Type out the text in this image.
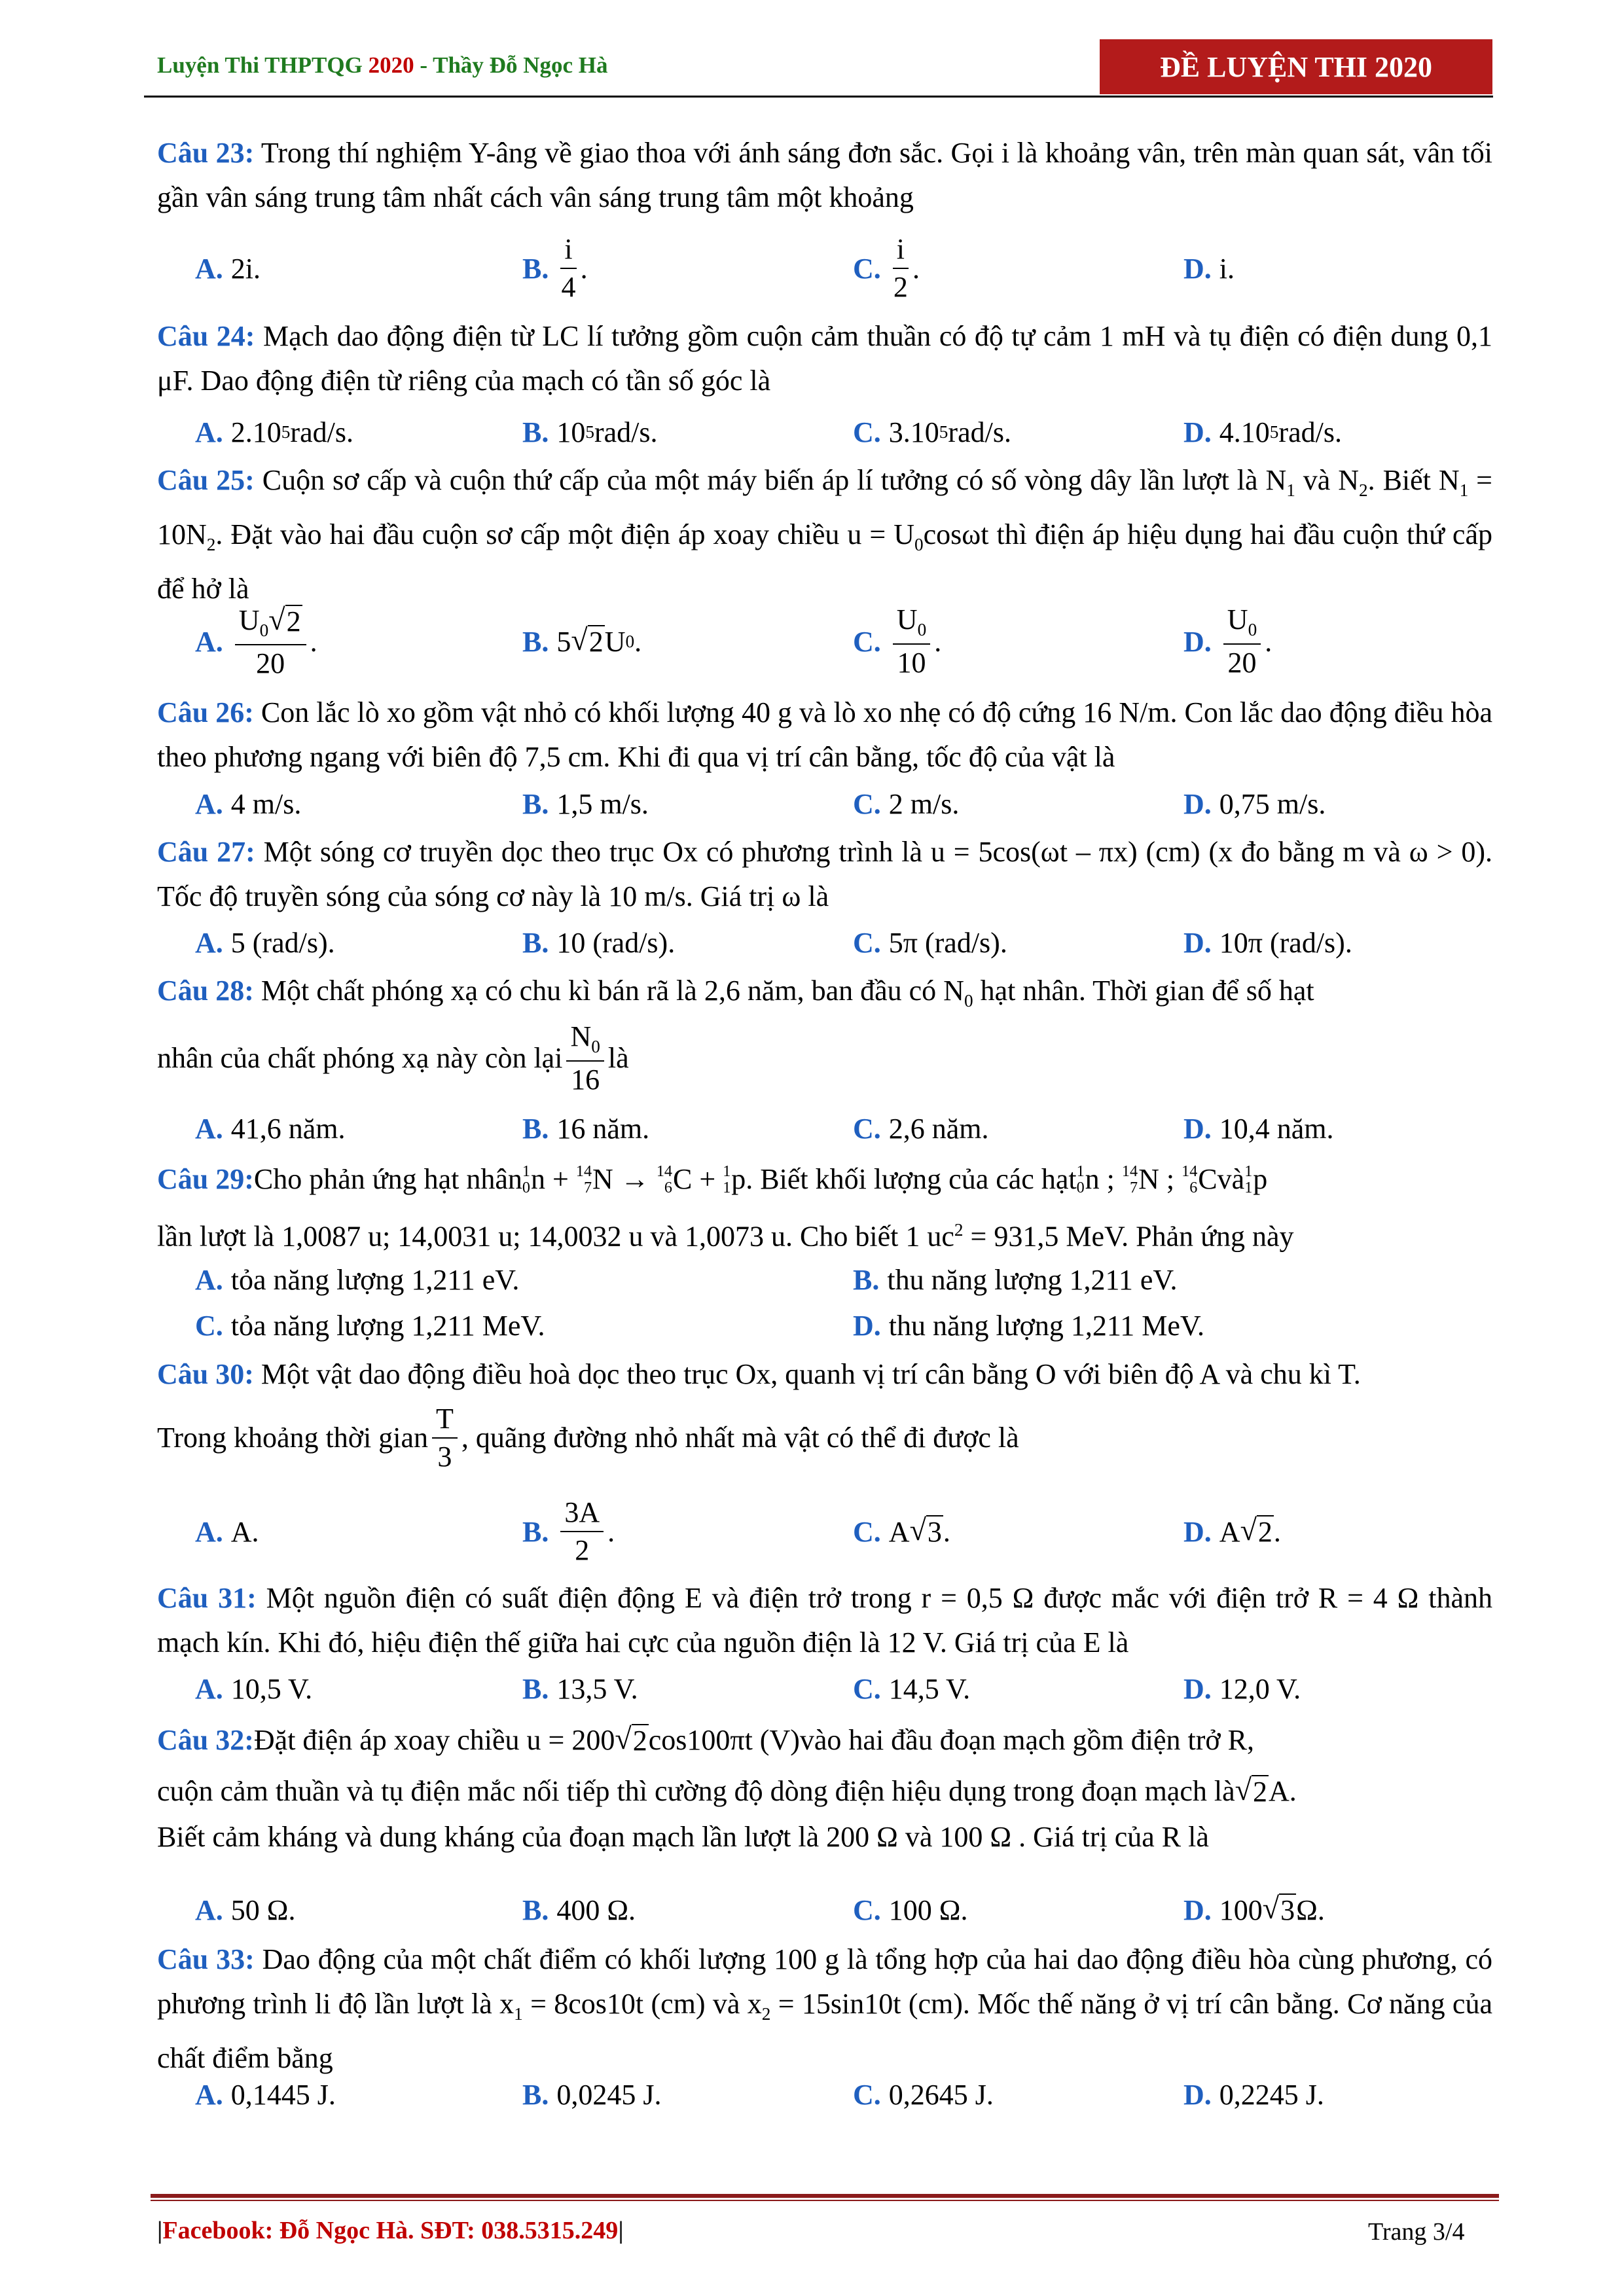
Luyện Thi THPTQG 2020 - Thầy Đỗ Ngọc Hà	ĐỀ LUYỆN THI 2020
Câu 23: Trong thí nghiệm Y-âng về giao thoa với ánh sáng đơn sắc. Gọi i là khoảng vân, trên màn quan sát, vân tối gần vân sáng trung tâm nhất cách vân sáng trung tâm một khoảng
A. 2i.	B. $\frac{i}{4}$ .	C. $\frac{i}{2}$ .	D. i.
Câu 24: Mạch dao động điện từ LC lí tưởng gồm cuộn cảm thuần có độ tự cảm 1 mH và tụ điện có điện dung 0,1 μF. Dao động điện từ riêng của mạch có tần số góc là
A. 2.10 5 rad/s.	B. 10 5 rad/s.	C. 3.10 5 rad/s.	D. 4.10 5 rad/s.
Câu 25: Cuộn sơ cấp và cuộn thứ cấp của một máy biến áp lí tưởng có số vòng dây lần lượt là $N_1$ và $N_2$. Biết $N_1 = 10N_2$. Đặt vào hai đầu cuộn sơ cấp một điện áp xoay chiều $u = U_0\cos\omega t$ thì điện áp hiệu dụng hai đầu cuộn thứ cấp để hở là
A. $\frac{U_0 √ 2}{20}$ .	B. 5 √ 2 U 0 .	C. $\frac{U_0}{10}$ .	D. $\frac{U_0}{20}$ .
Câu 26: Con lắc lò xo gồm vật nhỏ có khối lượng 40 g và lò xo nhẹ có độ cứng 16 N/m. Con lắc dao động điều hòa theo phương ngang với biên độ 7,5 cm. Khi đi qua vị trí cân bằng, tốc độ của vật là
A. 4 m/s.	B. 1,5 m/s.	C. 2 m/s.	D. 0,75 m/s.
Câu 27: Một sóng cơ truyền dọc theo trục Ox có phương trình là u = 5cos(ωt – πx) (cm) (x đo bằng m và ω > 0). Tốc độ truyền sóng của sóng cơ này là 10 m/s. Giá trị ω là
A. 5 (rad/s).	B. 10 (rad/s).	C. 5π (rad/s).	D. 10π (rad/s).
Câu 28: Một chất phóng xạ có chu kì bán rã là 2,6 năm, ban đầu có $N_0$ hạt nhân. Thời gian để số hạt
nhân của chất phóng xạ này còn lại $\frac{N_0}{16}$ là
A. 41,6 năm.	B. 16 năm.	C. 2,6 năm.	D. 10,4 năm.
Câu 29: Cho phản ứng hạt nhân 1
0 n + 14
7 N → 14
6 C + 1
1 p . Biết khối lượng của các hạt 1
0 n ; 14
7 N ; 14
6 C và 1
1 p
lần lượt là 1,0087 u; 14,0031 u; 14,0032 u và 1,0073 u. Cho biết 1 $uc^2 = 931,5$ MeV. Phản ứng này
A. tỏa năng lượng 1,211 eV.	B. thu năng lượng 1,211 eV.
C. tỏa năng lượng 1,211 MeV.	D. thu năng lượng 1,211 MeV.
Câu 30: Một vật dao động điều hoà dọc theo trục Ox, quanh vị trí cân bằng O với biên độ A và chu kì T.
Trong khoảng thời gian $\frac{T}{3}$ , quãng đường nhỏ nhất mà vật có thể đi được là
A. A.	B. $\frac{3A}{2}$ .	C. A √ 3 .	D. A √ 2 .
Câu 31: Một nguồn điện có suất điện động E và điện trở trong r = 0,5 Ω được mắc với điện trở R = 4 Ω thành mạch kín. Khi đó, hiệu điện thế giữa hai cực của nguồn điện là 12 V. Giá trị của E là
A. 10,5 V.	B. 13,5 V.	C. 14,5 V.	D. 12,0 V.
Câu 32: Đặt điện áp xoay chiều
u = 200 √ 2 cos100πt (V) vào hai đầu đoạn mạch gồm điện trở R,
cuộn cảm thuần và tụ điện mắc nối tiếp thì cường độ dòng điện hiệu dụng trong đoạn mạch là √ 2 A.
Biết cảm kháng và dung kháng của đoạn mạch lần lượt là 200 Ω và 100 Ω . Giá trị của R là
A. 50 Ω.	B. 400 Ω.	C. 100 Ω.	D. 100 √ 3 Ω.
Câu 33: Dao động của một chất điểm có khối lượng 100 g là tổng hợp của hai dao động điều hòa cùng phương, có phương trình li độ lần lượt là $x_1 = 8\cos 10t$ (cm) và $x_2 = 15\sin 10t$ (cm). Mốc thế năng ở vị trí cân bằng. Cơ năng của chất điểm bằng
A. 0,1445 J.	B. 0,0245 J.	C. 0,2645 J.	D. 0,2245 J.
|Facebook: Đỗ Ngọc Hà. SĐT: 038.5315.249|	Trang 3/4
